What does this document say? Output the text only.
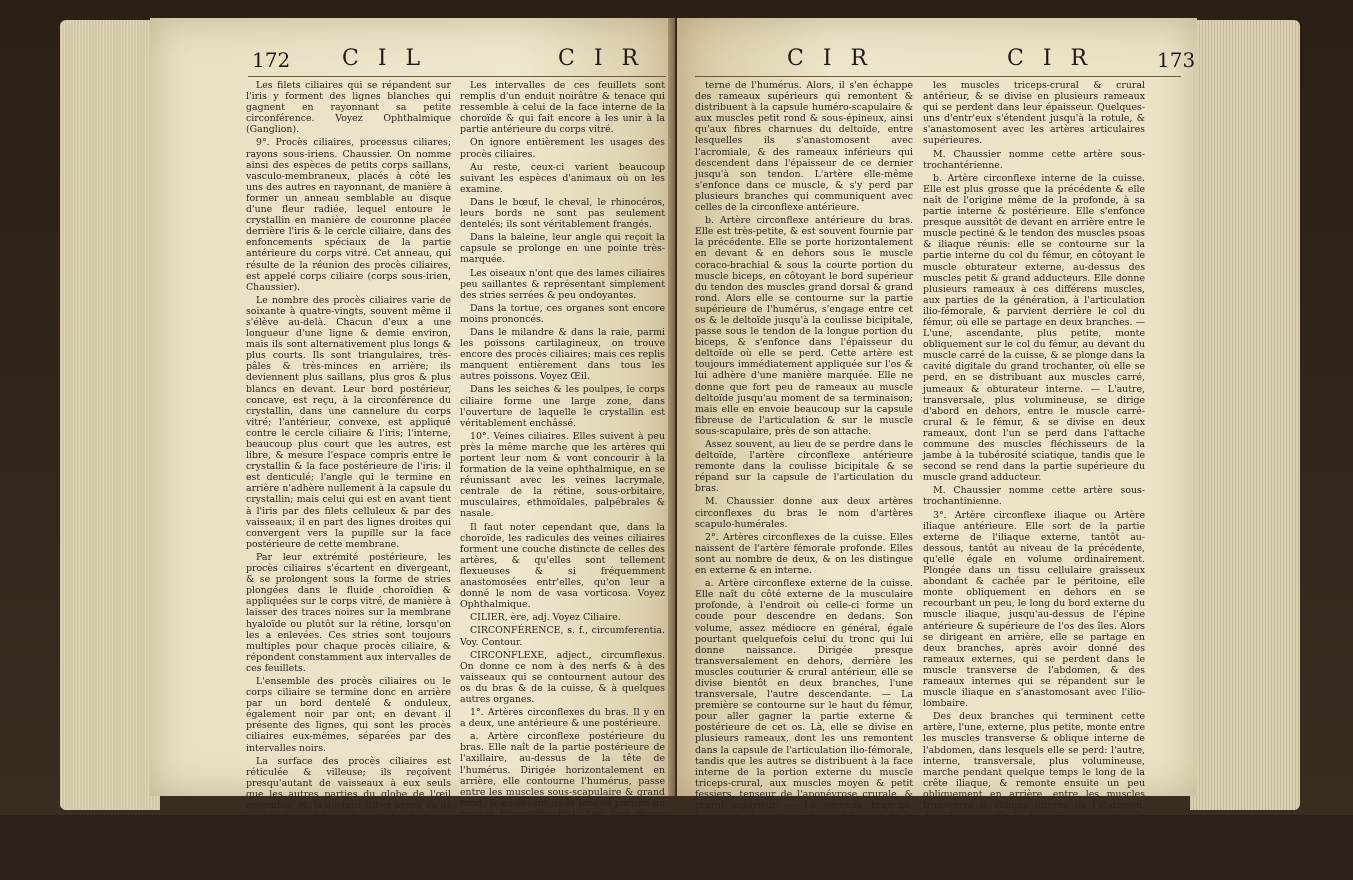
172 C I L	C I R

Les filets ciliaires qui se répandent sur l'iris y forment des lignes blanches qui gagnent en rayonnant sa petite circonférence. Voyez Ophthalmique (Ganglion).

9°. Procès ciliaires, processus ciliares; rayons sous-iriens. Chaussier. On nomme ainsi des espèces de petits corps saillans, vasculo-membraneux, placés à côté les uns des autres en rayonnant, de manière à former un anneau semblable au disque d'une fleur radiée, lequel entoure le crystallin en manière de couronne placée derrière l'iris & le cercle ciliaire, dans des enfoncements spéciaux de la partie antérieure du corps vitré. Cet anneau, qui résulte de la réunion des procès ciliaires, est appelé corps ciliaire (corps sous-irien, Chaussier).

Le nombre des procès ciliaires varie de soixante à quatre-vingts, souvent même il s'élève au-delà. Chacun d'eux a une longueur d'une ligne & demie environ, mais ils sont alternativement plus longs & plus courts. Ils sont triangulaires, très-pâles & très-minces en arrière; ils deviennent plus saillans, plus gros & plus blancs en devant. Leur bord postérieur, concave, est reçu, à la circonférence du crystallin, dans une cannelure du corps vitré; l'antérieur, convexe, est appliqué contre le cercle ciliaire & l'iris; l'interne, beaucoup plus court que les autres, est libre, & mesure l'espace compris entre le crystallin & la face postérieure de l'iris: il est denticulé; l'angle qui le termine en arrière n'adhère nullement à la capsule du crystallin; mais celui qui est en avant tient à l'iris par des filets celluleux & par des vaisseaux; il en part des lignes droites qui convergent vers la pupille sur la face postérieure de cette membrane.

Par leur extrémité postérieure, les procès ciliaires s'écartent en divergeant, & se prolongent sous la forme de stries plongées dans le fluide choroïdien & appliquées sur le corps vitré, de manière à laisser des traces noires sur la membrane hyaloïde ou plutôt sur la rétine, lorsqu'on les a enlevées. Ces stries sont toujours multiples pour chaque procès ciliaire, & répondent constamment aux intervalles de ces feuillets.

L'ensemble des procès ciliaires ou le corps ciliaire se termine donc en arrière par un bord dentelé & onduleux, également noir par ont; en devant il présente des lignes, qui sont les procès ciliaires eux-mêmes, séparées par des intervalles noirs.

La surface des procès ciliaires est réticulée & villeuse; ils reçoivent presqu'autant de vaisseaux à eux seuls que les autres parties du globe de l'œil ensemble. M. le docteur Bibes pense qu'ils sont destinés à la production des humeurs de l'œil. Leurs artères viennent des ciliaires courtes; leurs veines vont se jeter dans les vasa vorticosa de la choroïde.

On n'y a point encore découvert de vaisseaux lymphatiques.

Les intervalles de ces feuillets sont remplis d'un enduit noirâtre & tenace qui ressemble à celui de la face interne de la choroïde & qui fait encore à les unir à la partie antérieure du corps vitré.

On ignore entièrement les usages des procès ciliaires.

Au reste, ceux-ci varient beaucoup suivant les espèces d'animaux où on les examine.

Dans le bœuf, le cheval, le rhinocéros, leurs bords ne sont pas seulement dentelés; ils sont véritablement frangés.

Dans la baleine, leur angle qui reçoit la capsule se prolonge en une pointe très-marquée.

Les oiseaux n'ont que des lames ciliaires peu saillantes & représentant simplement des stries serrées & peu ondoyantes.

Dans la tortue, ces organes sont encore moins prononcés.

Dans le milandre & dans la raie, parmi les poissons cartilagineux, on trouve encore des procès ciliaires; mais ces replis manquent entièrement dans tous les autres poissons. Voyez Œil.

Dans les seiches & les poulpes, le corps ciliaire forme une large zone, dans l'ouverture de laquelle le crystallin est véritablement enchâssé.

10°. Veines ciliaires. Elles suivent à peu près la même marche que les artères qui portent leur nom & vont concourir à la formation de la veine ophthalmique, en se réunissant avec les veines lacrymale, centrale de la rétine, sous-orbitaire, musculaires, ethmoïdales, palpébrales & nasale.

Il faut noter cependant que, dans la choroïde, les radicules des veines ciliaires forment une couche distincte de celles des artères, & qu'elles sont tellement flexueuses & si fréquemment anastomosées entr'elles, qu'on leur a donné le nom de vasa vorticosa. Voyez Ophthalmique.

CILIER, ère, adj. Voyez Ciliaire.

CIRCONFÉRENCE, s. f., circumferentia. Voy. Contour.

CIRCONFLEXE, adject., circumflexus. On donne ce nom à des nerfs & à des vaisseaux qui se contournent autour des os du bras & de la cuisse, & à quelques autres organes.

1°. Artères circonflexes du bras. Il y en a deux, une antérieure & une postérieure.

a. Artère circonflexe postérieure du bras. Elle naît de la partie postérieure de l'axillaire, au-dessus de la tête de l'humérus. Dirigée horizontalement en arrière, elle contourne l'humérus, passe entre les muscles sous-scapulaire & grand rond, & au-devant de la longue portion du muscle triceps-brachial. Elle leur donne quelques rameaux, puis elle s'enfonce sous le deltoïde, & parvient à la partie antérieure & ex-

C I R	C I R	173

terne de l'humérus. Alors, il s'en échappe des rameaux supérieurs qui remontent & distribuent à la capsule huméro-scapulaire & aux muscles petit rond & sous-épineux, ainsi qu'aux fibres charnues du deltoïde, entre lesquelles ils s'anastomosent avec l'acromiale, & des rameaux inférieurs qui descendent dans l'épaisseur de ce dernier jusqu'à son tendon. L'artère elle-même s'enfonce dans ce muscle, & s'y perd par plusieurs branches qui communiquent avec celles de la circonflexe antérieure.

b. Artère circonflexe antérieure du bras. Elle est très-petite, & est souvent fournie par la précédente. Elle se porte horizontalement en devant & en dehors sous le muscle coraco-brachial & sous la courte portion du muscle biceps, en côtoyant le bord supérieur du tendon des muscles grand dorsal & grand rond. Alors elle se contourne sur la partie supérieure de l'humérus, s'engage entre cet os & le deltoïde jusqu'à la coulisse bicipitale, passe sous le tendon de la longue portion du biceps, & s'enfonce dans l'épaisseur du deltoïde où elle se perd. Cette artère est toujours immédiatement appliquée sur l'os & lui adhère d'une manière marquée. Elle ne donne que fort peu de rameaux au muscle deltoïde jusqu'au moment de sa terminaison; mais elle en envoie beaucoup sur la capsule fibreuse de l'articulation & sur le muscle sous-scapulaire, près de son attache.

Assez souvent, au lieu de se perdre dans le deltoïde, l'artère circonflexe antérieure remonte dans la coulisse bicipitale & se répand sur la capsule de l'articulation du bras.

M. Chaussier donne aux deux artères circonflexes du bras le nom d'artères scapulo-humérales.

2°. Artères circonflexes de la cuisse. Elles naissent de l'artère fémorale profonde. Elles sont au nombre de deux, & on les distingue en externe & en interne.

a. Artère circonflexe externe de la cuisse. Elle naît du côté externe de la musculaire profonde, à l'endroit où celle-ci forme un coude pour descendre en dedans. Son volume, assez médiocre en général, égale pourtant quelquefois celui du tronc qui lui donne naissance. Dirigée presque transversalement en dehors, derrière les muscles couturier & crural antérieur, elle se divise bientôt en deux branches, l'une transversale, l'autre descendante. — La première se contourne sur le haut du fémur, pour aller gagner la partie externe & postérieure de cet os. Là, elle se divise en plusieurs rameaux, dont les uns remontent dans la capsule de l'articulation ilio-fémorale, tandis que les autres se distribuent à la face interne de la portion externe du muscle triceps-crural, aux muscles moyen & petit fessiers, tenseur de l'aponévrose crurale, & crural antérieur. — La seconde branche, beaucoup plus grosse, descend le long de la partie antérieure de la cuisse, entre

les muscles triceps-crural & crural antérieur, & se divise en plusieurs rameaux qui se perdent dans leur épaisseur. Quelques-uns d'entr'eux s'étendent jusqu'à la rotule, & s'anastomosent avec les artères articulaires supérieures.

M. Chaussier nomme cette artère sous-trochantérienne.

b. Artère circonflexe interne de la cuisse. Elle est plus grosse que la précédente & elle naît de l'origine même de la profonde, à sa partie interne & postérieure. Elle s'enfonce presque aussitôt de devant en arrière entre le muscle pectiné & le tendon des muscles psoas & iliaque réunis: elle se contourne sur la partie interne du col du fémur, en côtoyant le muscle obturateur externe, au-dessus des muscles petit & grand adducteurs. Elle donne plusieurs rameaux à ces différens muscles, aux parties de la génération, à l'articulation ilio-fémorale, & parvient derrière le col du fémur, où elle se partage en deux branches. — L'une, ascendante, plus petite, monte obliquement sur le col du fémur, au devant du muscle carré de la cuisse, & se plonge dans la cavité digitale du grand trochanter, où elle se perd, en se distribuant aux muscles carré, jumeaux & obturateur interne. — L'autre, transversale, plus volumineuse, se dirige d'abord en dehors, entre le muscle carré-crural & le fémur, & se divise en deux rameaux, dont l'un se perd dans l'attache commune des muscles fléchisseurs de la jambe à la tubérosité sciatique, tandis que le second se rend dans la partie supérieure du muscle grand adducteur.

M. Chaussier nomme cette artère sous-trochantinienne.

3°. Artère circonflexe iliaque ou Artère iliaque antérieure. Elle sort de la partie externe de l'iliaque externe, tantôt au-dessous, tantôt au niveau de la précédente, qu'elle égale en volume ordinairement. Plongée dans un tissu cellulaire graisseux abondant & cachée par le péritoine, elle monte obliquement en dehors en se recourbant un peu, le long du bord externe du muscle iliaque, jusqu'au-dessus de l'épine antérieure & supérieure de l'os des îles. Alors se dirigeant en arrière, elle se partage en deux branches, après avoir donné des rameaux externes, qui se perdent dans le muscle transverse de l'abdomen, & des rameaux internes qui se répandent sur le muscle iliaque en s'anastomosant avec l'ilio-lombaire.

Des deux branches qui terminent cette artère, l'une, externe, plus petite, monte entre les muscles transverse & oblique interne de l'abdomen, dans lesquels elle se perd: l'autre, interne, transversale, plus volumineuse, marche pendant quelque temps le long de la crête iliaque, & remonte ensuite un peu obliquement en arrière, entre les muscles transverse & oblique interne de l'abdomen, dans lesquels elle se divise, ainsi que dans le grand
